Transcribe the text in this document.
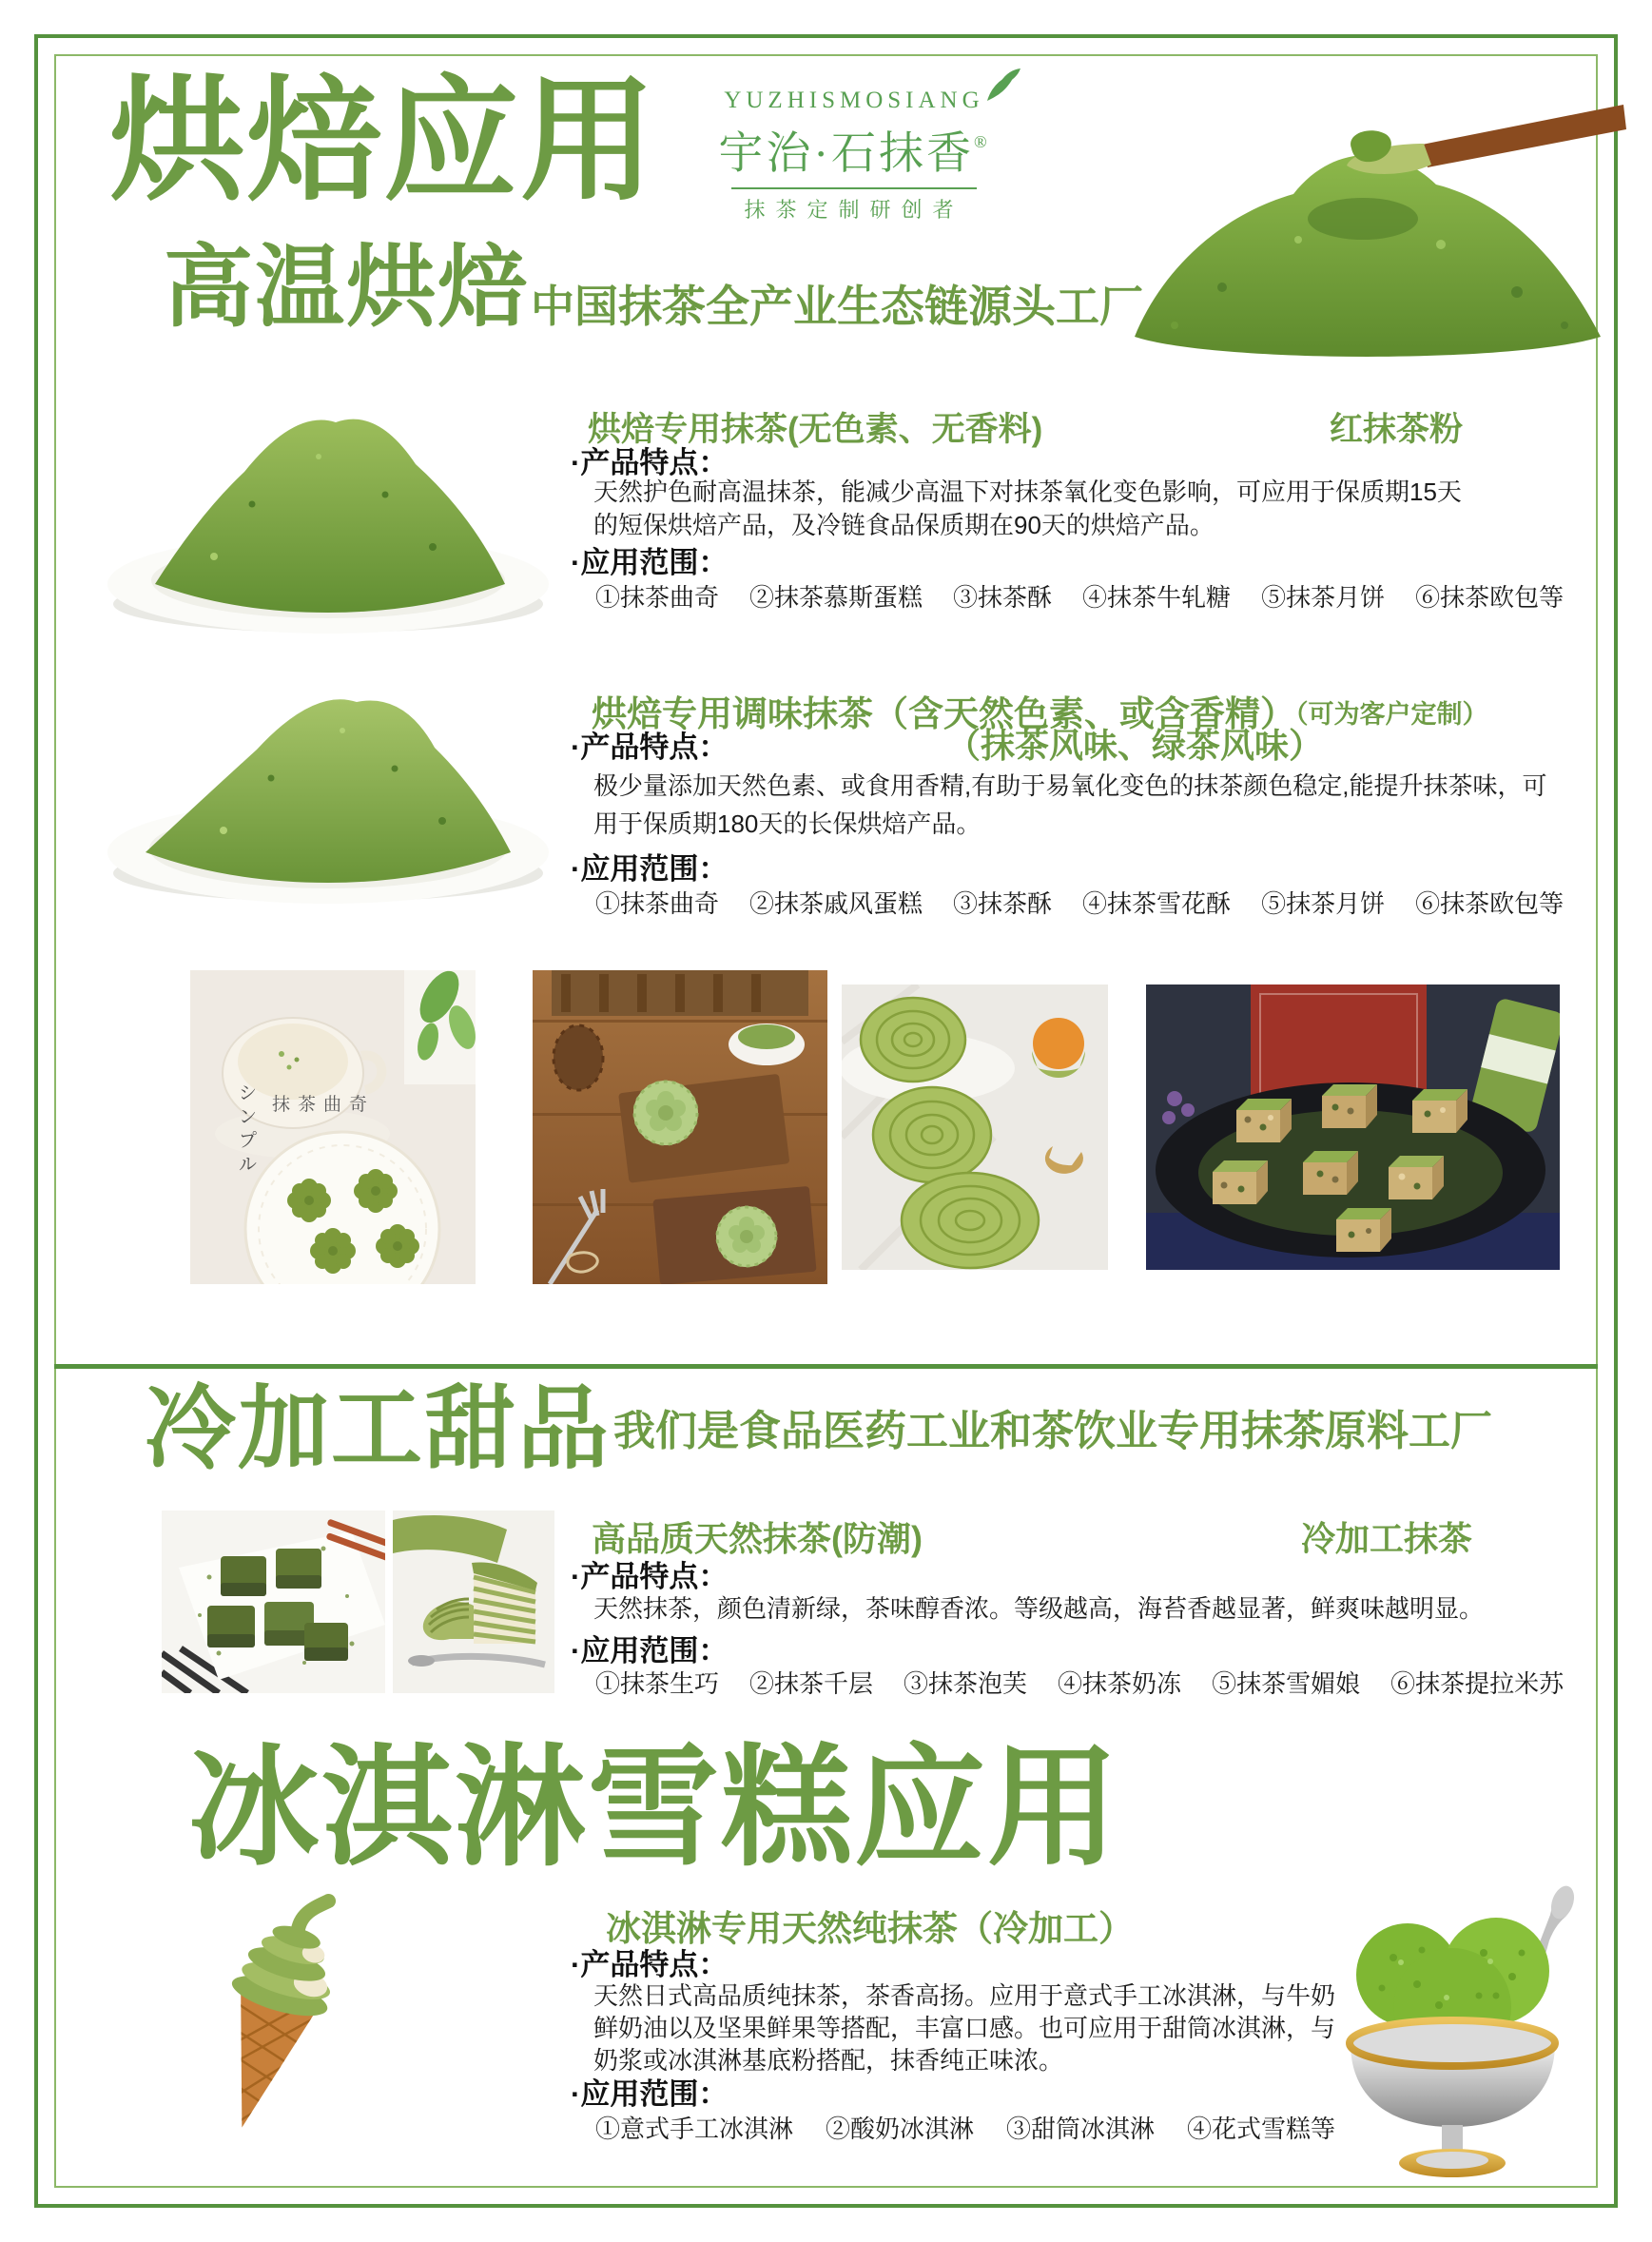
烘焙应用	YUZHISMOSIANG
宇治·石抹香®
抹茶定制研创者
高温烘焙 中国抹茶全产业生态链源头工厂
烘焙专用抹茶(无色素、无香料)	红抹茶粉
·产品特点：
天然护色耐高温抹茶，能减少高温下对抹茶氧化变色影响，可应用于保质期15天
的短保烘焙产品，及冷链食品保质期在90天的烘焙产品。
·应用范围：
①抹茶曲奇 ②抹茶慕斯蛋糕 ③抹茶酥 ④抹茶牛轧糖 ⑤抹茶月饼 ⑥抹茶欧包等
烘焙专用调味抹茶（含天然色素、或含香精）（可为客户定制）
（抹茶风味、绿茶风味）
·产品特点：
极少量添加天然色素、或食用香精,有助于易氧化变色的抹茶颜色稳定,能提升抹茶味，可
用于保质期180天的长保烘焙产品。
·应用范围：
①抹茶曲奇 ②抹茶戚风蛋糕 ③抹茶酥 ④抹茶雪花酥 ⑤抹茶月饼 ⑥抹茶欧包等
シンプル 抹茶曲奇
冷加工甜品 我们是食品医药工业和茶饮业专用抹茶原料工厂
高品质天然抹茶(防潮)	冷加工抹茶
·产品特点：
天然抹茶，颜色清新绿，茶味醇香浓。等级越高，海苔香越显著，鲜爽味越明显。
·应用范围：
①抹茶生巧 ②抹茶千层 ③抹茶泡芙 ④抹茶奶冻 ⑤抹茶雪媚娘 ⑥抹茶提拉米苏
冰淇淋雪糕应用
冰淇淋专用天然纯抹茶（冷加工）
·产品特点：
天然日式高品质纯抹茶，茶香高扬。应用于意式手工冰淇淋，与牛奶
鲜奶油以及坚果鲜果等搭配，丰富口感。也可应用于甜筒冰淇淋，与
奶浆或冰淇淋基底粉搭配，抹香纯正味浓。
·应用范围：
①意式手工冰淇淋 ②酸奶冰淇淋 ③甜筒冰淇淋 ④花式雪糕等
